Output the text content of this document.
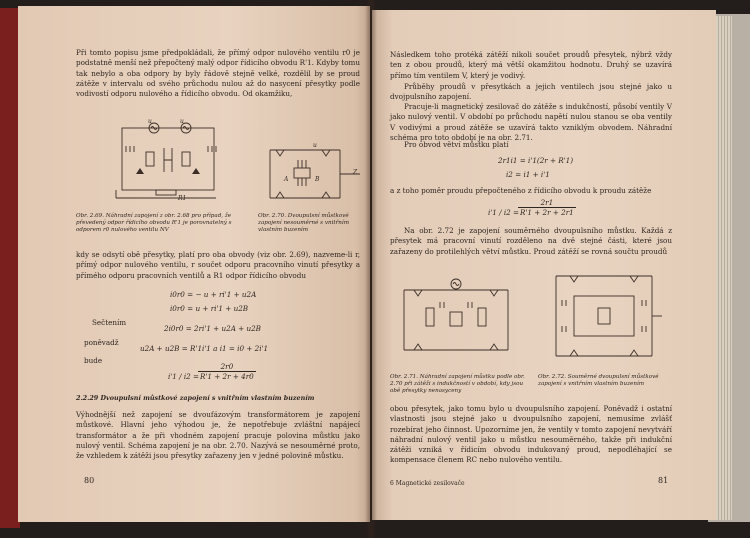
Při tomto popisu jsme předpokládali, že přímý odpor nulového ventilu r0 je podstatně menší než přepočtený malý odpor řídicího obvodu R'1. Kdyby tomu tak nebylo a oba odpory by byly řádově stejně velké, rozdělil by se proud zátěže v intervalu od svého průchodu nulou až do nasycení přesytky podle vodivostí odporu nulového a řídicího obvodu. Od okamžiku,

u	u
R1
u
A	B
Z

Obr. 2.69. Náhradní zapojení z obr. 2.68 pro případ, že převedený odpor řídicího obvodu R'1 je porovnatelný s odporem r0 nulového ventilu NV

Obr. 2.70. Dvoupulsní můstkové zapojení nesouměrné s vnitřním vlastním buzením

kdy se odsytí obě přesytky, platí pro oba obvody (viz obr. 2.69), nazveme-li r, přímý odpor nulového ventilu, r součet odporu pracovního vinutí přesytky a přímého odporu pracovních ventilů a R1 odpor řídicího obvodu

i0r0 = − u + ri'1 + u2A

i0r0 = u + ri'1 + u2B

Sečtením

2i0r0 = 2ri'1 + u2A + u2B

poněvadž

u2A + u2B = R'1i'1 a i1 = i0 + 2i'1

bude

i'1 / i2 =

$\frac{2r0}{R'1 + 2r + 4r0}$

2.2.29 Dvoupulsní můstkové zapojení s vnitřním vlastním buzením

Výhodnější než zapojení se dvoufázovým transformátorem je zapojení můstkové. Hlavní jeho výhodou je, že nepotřebuje zvláštní napájecí transformátor a že při vhodném zapojení pracuje polovina můstku jako nulový ventil. Schéma zapojení je na obr. 2.70. Nazývá se nesouměrné proto, že vzhledem k zátěži jsou přesytky zařazeny jen v jedné polovině můstku.

80

Následkem toho protéká zátěží nikoli součet proudů přesytek, nýbrž vždy ten z obou proudů, který má větší okamžitou hodnotu. Druhý se uzavírá přímo tím ventilem V, který je vodivý.

Průběhy proudů v přesytkách a jejich ventilech jsou stejné jako u dvojpulsního zapojení.

Pracuje-li magnetický zesilovač do zátěže s indukčností, působí ventily V jako nulový ventil. V období po průchodu napětí nulou stanou se oba ventily V vodivými a proud zátěže se uzavírá takto vzniklým obvodem. Náhradní schéma pro toto období je na obr. 2.71.

Pro obvod větví můstku platí

2r1i1 = i'1(2r + R'1)

i2 = i1 + i'1

a z toho poměr proudu přepočteného z řídicího obvodu k proudu zátěže

i'1 / i2 =

$\frac{2r1}{R'1 + 2r + 2r1}$

Na obr. 2.72 je zapojení souměrného dvoupulsního můstku. Každá z přesytek má pracovní vinutí rozděleno na dvě stejné části, které jsou zařazeny do protilehlých větví můstku. Proud zátěží se rovná součtu proudů

Obr. 2.71. Náhradní zapojení můstku podle obr. 2.70 při zátěži s indukčností v období, kdy jsou obě přesytky nenasyceny

Obr. 2.72. Souměrné dvoupulsní můstkové zapojení s vnitřním vlastním buzením

obou přesytek, jako tomu bylo u dvoupulsního zapojení. Poněvadž i ostatní vlastnosti jsou stejné jako u dvoupulsního zapojení, nemusíme zvlášť rozebírat jeho činnost. Upozorníme jen, že ventily v tomto zapojení nevytváří náhradní nulový ventil jako u můstku nesouměrného, takže při indukční zátěži vzniká v řídicím obvodu indukovaný proud, nepodléhající se kompensace členem RC nebo nulového ventilu.

6 Magnetické zesilovače	81
